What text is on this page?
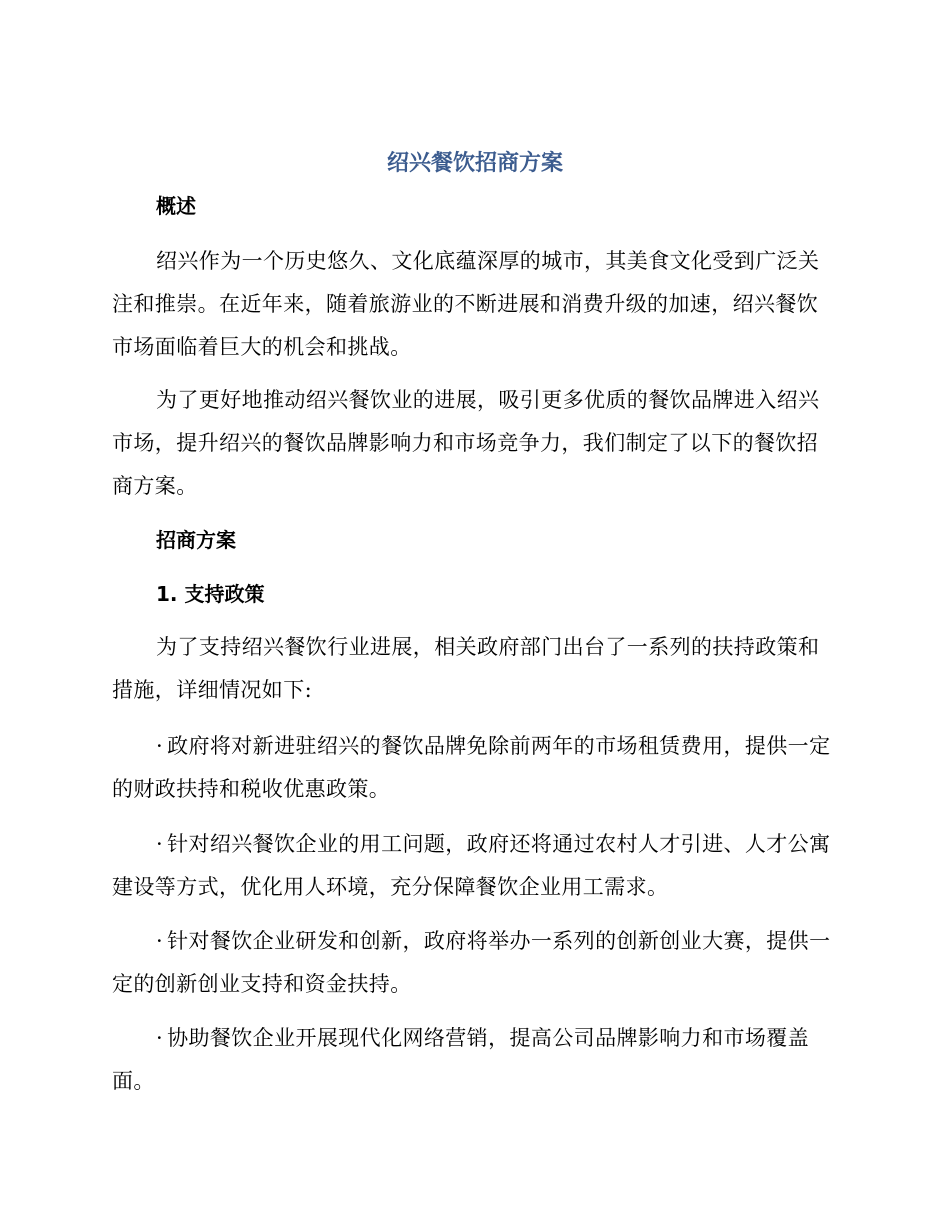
绍兴餐饮招商方案
概述
绍兴作为一个历史悠久、文化底蕴深厚的城市，其美食文化受到广泛关注和推崇。在近年来，随着旅游业的不断进展和消费升级的加速，绍兴餐饮市场面临着巨大的机会和挑战。
为了更好地推动绍兴餐饮业的进展，吸引更多优质的餐饮品牌进入绍兴市场，提升绍兴的餐饮品牌影响力和市场竞争力，我们制定了以下的餐饮招商方案。
招商方案
1. 支持政策
为了支持绍兴餐饮行业进展，相关政府部门出台了一系列的扶持政策和措施，详细情况如下:
· 政府将对新进驻绍兴的餐饮品牌免除前两年的市场租赁费用，提供一定的财政扶持和税收优惠政策。
· 针对绍兴餐饮企业的用工问题，政府还将通过农村人才引进、人才公寓建设等方式，优化用人环境，充分保障餐饮企业用工需求。
· 针对餐饮企业研发和创新，政府将举办一系列的创新创业大赛，提供一定的创新创业支持和资金扶持。
· 协助餐饮企业开展现代化网络营销，提高公司品牌影响力和市场覆盖面。
